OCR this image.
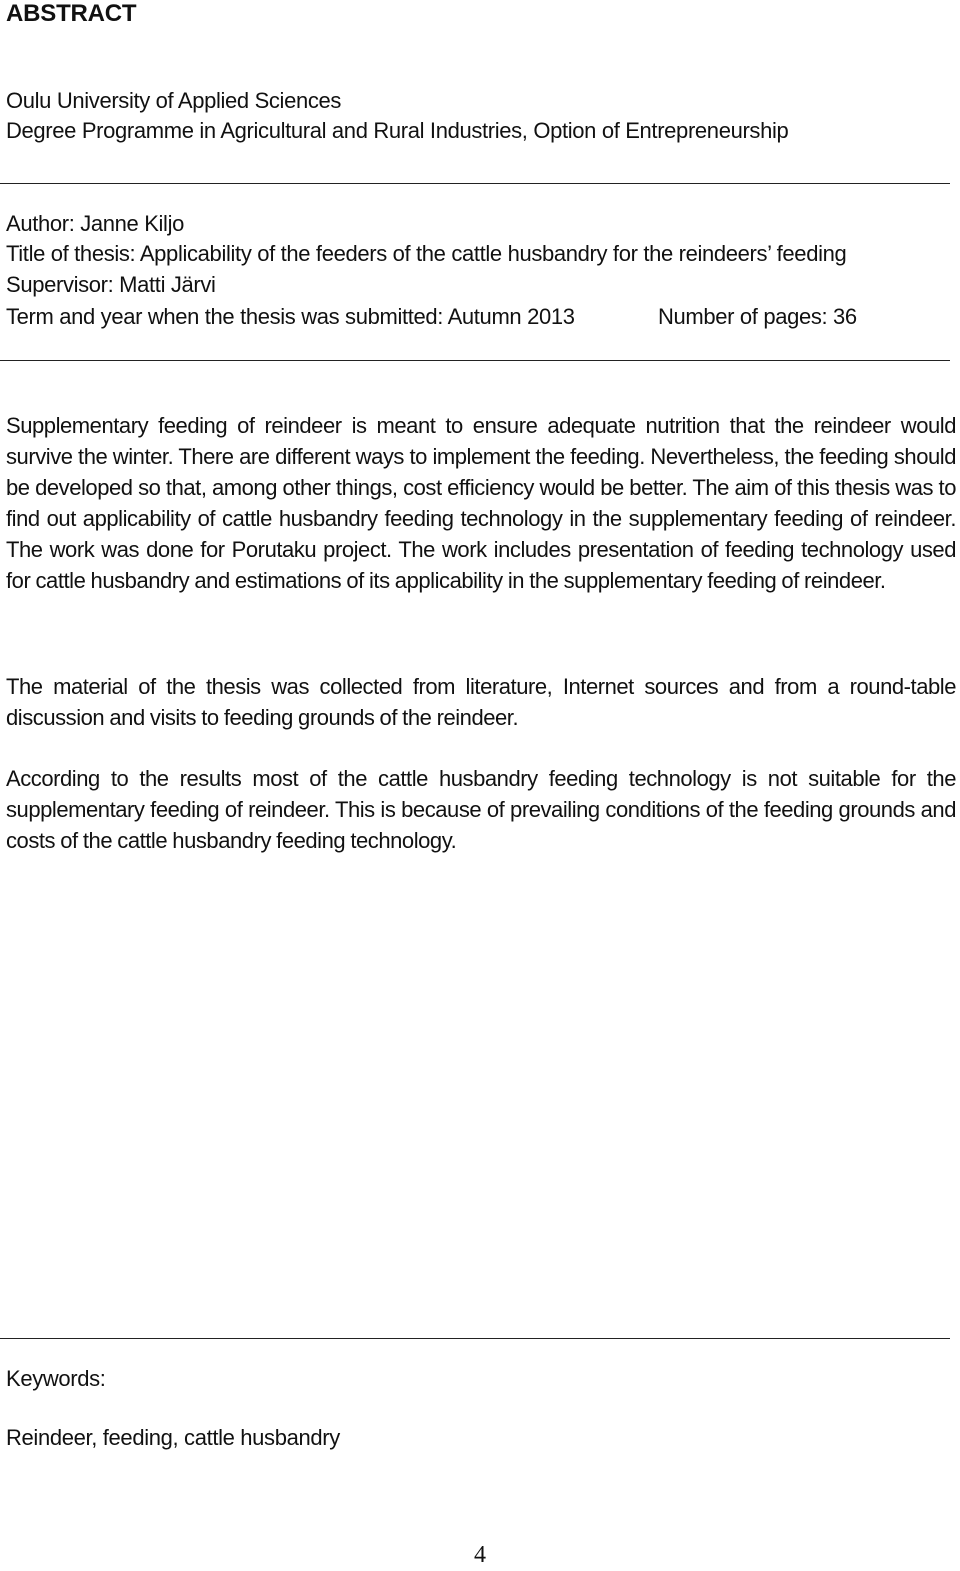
ABSTRACT
Oulu University of Applied Sciences
Degree Programme in Agricultural and Rural Industries, Option of Entrepreneurship
Author: Janne Kiljo
Title of thesis: Applicability of the feeders of the cattle husbandry for the reindeers’ feeding
Supervisor: Matti Järvi
Term and year when the thesis was submitted: Autumn 2013	Number of pages: 36

Supplementary feeding of reindeer is meant to ensure adequate nutrition that the reindeer would survive the winter. There are different ways to implement the feeding. Nevertheless, the feeding should be developed so that, among other things, cost efficiency would be better. The aim of this thesis was to find out applicability of cattle husbandry feeding technology in the supplementary feeding of reindeer. The work was done for Porutaku project. The work includes presentation of feeding technology used for cattle husbandry and estimations of its applicability in the supplementary feeding of reindeer.

The material of the thesis was collected from literature, Internet sources and from a round-table discussion and visits to feeding grounds of the reindeer.

According to the results most of the cattle husbandry feeding technology is not suitable for the supplementary feeding of reindeer. This is because of prevailing conditions of the feeding grounds and costs of the cattle husbandry feeding technology.

Keywords:
Reindeer, feeding, cattle husbandry
4
